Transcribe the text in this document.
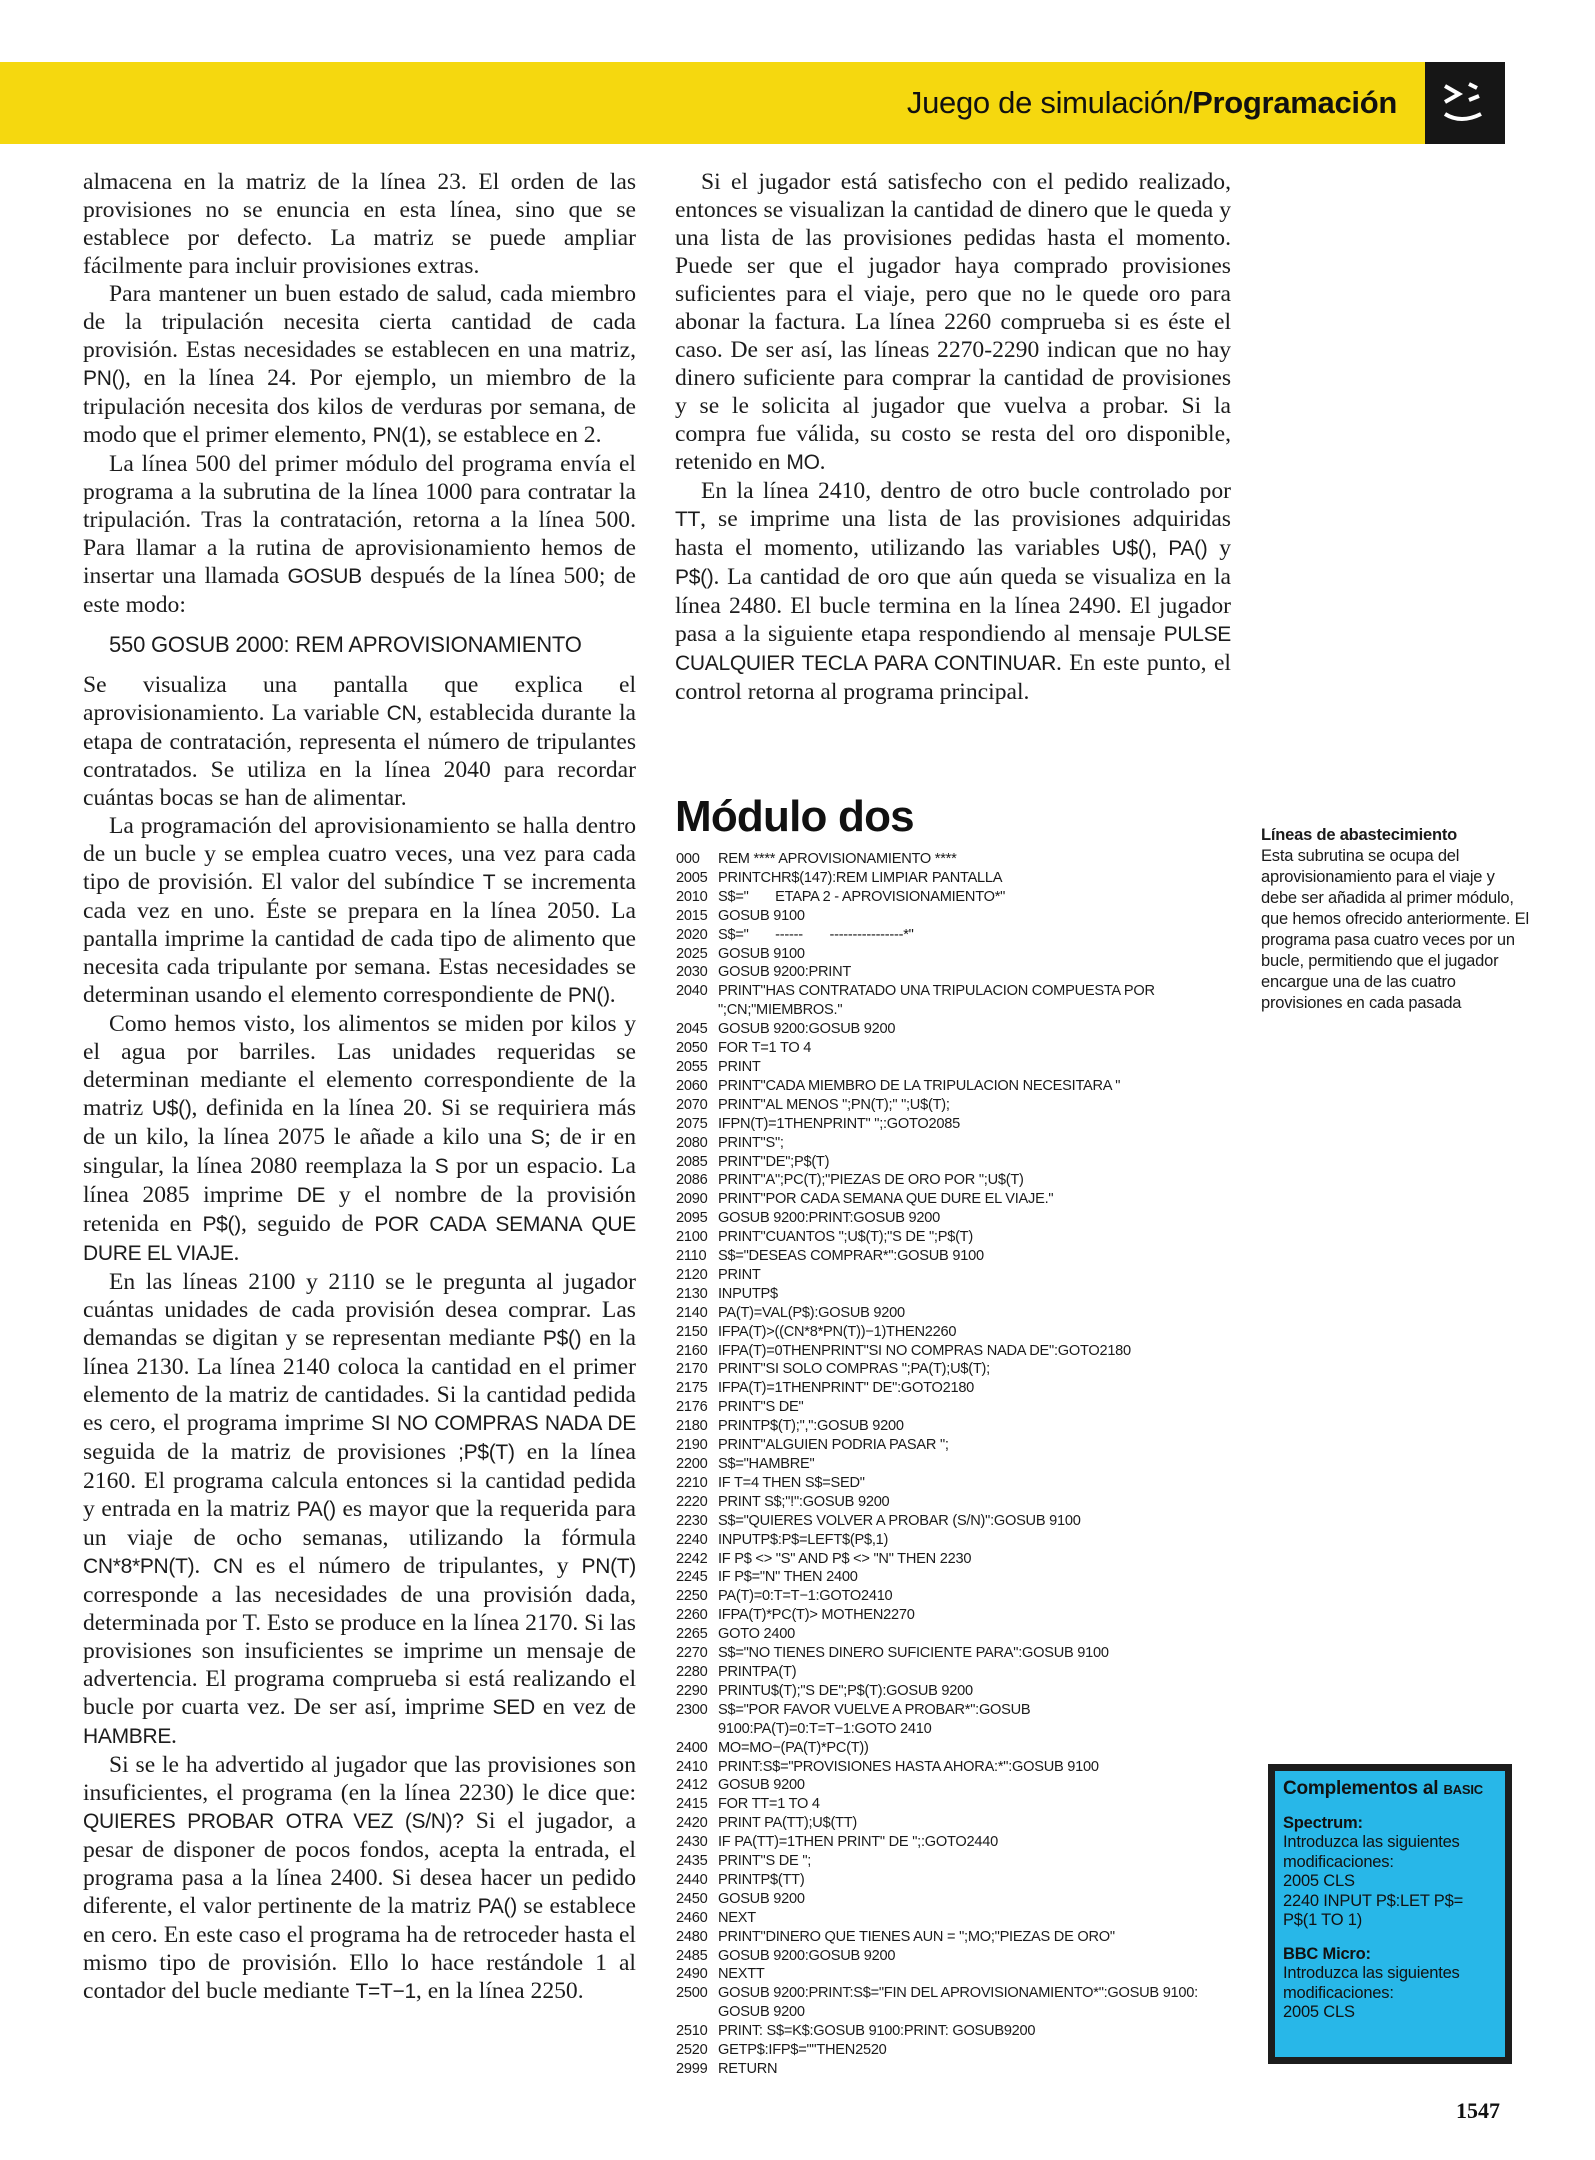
Juego de simulación/Programación

almacena en la matriz de la línea 23. El orden de las provisiones no se enuncia en esta línea, sino que se establece por defecto. La matriz se puede ampliar fácilmente para incluir provisiones extras.

Para mantener un buen estado de salud, cada miembro de la tripulación necesita cierta cantidad de cada provisión. Estas necesidades se establecen en una matriz, PN(), en la línea 24. Por ejemplo, un miembro de la tripulación necesita dos kilos de verduras por semana, de modo que el primer elemento, PN(1), se establece en 2.

La línea 500 del primer módulo del programa envía el programa a la subrutina de la línea 1000 para contratar la tripulación. Tras la contratación, retorna a la línea 500. Para llamar a la rutina de aprovisionamiento hemos de insertar una llamada GOSUB después de la línea 500; de este modo:

550 GOSUB 2000: REM APROVISIONAMIENTO

Se visualiza una pantalla que explica el aprovisionamiento. La variable CN, establecida durante la etapa de contratación, representa el número de tripulantes contratados. Se utiliza en la línea 2040 para recordar cuántas bocas se han de alimentar.

La programación del aprovisionamiento se halla dentro de un bucle y se emplea cuatro veces, una vez para cada tipo de provisión. El valor del subíndice T se incrementa cada vez en uno. Éste se prepara en la línea 2050. La pantalla imprime la cantidad de cada tipo de alimento que necesita cada tripulante por semana. Estas necesidades se determinan usando el elemento correspondiente de PN().

Como hemos visto, los alimentos se miden por kilos y el agua por barriles. Las unidades requeridas se determinan mediante el elemento correspondiente de la matriz U$(), definida en la línea 20. Si se requiriera más de un kilo, la línea 2075 le añade a kilo una S; de ir en singular, la línea 2080 reemplaza la S por un espacio. La línea 2085 imprime DE y el nombre de la provisión retenida en P$(), seguido de POR CADA SEMANA QUE DURE EL VIAJE.

En las líneas 2100 y 2110 se le pregunta al jugador cuántas unidades de cada provisión desea comprar. Las demandas se digitan y se representan mediante P$() en la línea 2130. La línea 2140 coloca la cantidad en el primer elemento de la matriz de cantidades. Si la cantidad pedida es cero, el programa imprime SI NO COMPRAS NADA DE seguida de la matriz de provisiones ;P$(T) en la línea 2160. El programa calcula entonces si la cantidad pedida y entrada en la matriz PA() es mayor que la requerida para un viaje de ocho semanas, utilizando la fórmula CN*8*PN(T). CN es el número de tripulantes, y PN(T) corresponde a las necesidades de una provisión dada, determinada por T. Esto se produce en la línea 2170. Si las provisiones son insuficientes se imprime un mensaje de advertencia. El programa comprueba si está realizando el bucle por cuarta vez. De ser así, imprime SED en vez de HAMBRE.

Si se le ha advertido al jugador que las provisiones son insuficientes, el programa (en la línea 2230) le dice que: QUIERES PROBAR OTRA VEZ (S/N)? Si el jugador, a pesar de disponer de pocos fondos, acepta la entrada, el programa pasa a la línea 2400. Si desea hacer un pedido diferente, el valor pertinente de la matriz PA() se establece en cero. En este caso el programa ha de retroceder hasta el mismo tipo de provisión. Ello lo hace restándole 1 al contador del bucle mediante T=T−1, en la línea 2250.

Si el jugador está satisfecho con el pedido realizado, entonces se visualizan la cantidad de dinero que le queda y una lista de las provisiones pedidas hasta el momento. Puede ser que el jugador haya comprado provisiones suficientes para el viaje, pero que no le quede oro para abonar la factura. La línea 2260 comprueba si es éste el caso. De ser así, las líneas 2270-2290 indican que no hay dinero suficiente para comprar la cantidad de provisiones y se le solicita al jugador que vuelva a probar. Si la compra fue válida, su costo se resta del oro disponible, retenido en MO.

En la línea 2410, dentro de otro bucle controlado por TT, se imprime una lista de las provisiones adquiridas hasta el momento, utilizando las variables U$(), PA() y P$(). La cantidad de oro que aún queda se visualiza en la línea 2480. El bucle termina en la línea 2490. El jugador pasa a la siguiente etapa respondiendo al mensaje PULSE CUALQUIER TECLA PARA CONTINUAR. En este punto, el control retorna al programa principal.

Módulo dos
000	REM **** APROVISIONAMIENTO ****
2005 PRINTCHR$(147):REM LIMPIAR PANTALLA
2010 S$="       ETAPA 2 - APROVISIONAMIENTO*"
2015 GOSUB 9100
2020 S$="       ------       ----------------*"
2025 GOSUB 9100
2030 GOSUB 9200:PRINT
2040 PRINT"HAS CONTRATADO UNA TRIPULACION COMPUESTA POR
";CN;"MIEMBROS."
2045 GOSUB 9200:GOSUB 9200
2050 FOR T=1 TO 4
2055 PRINT
2060 PRINT"CADA MIEMBRO DE LA TRIPULACION NECESITARA "
2070 PRINT"AL MENOS ";PN(T);" ";U$(T);
2075 IFPN(T)=1THENPRINT" ";:GOTO2085
2080 PRINT"S";
2085 PRINT"DE";P$(T)
2086 PRINT"A";PC(T);"PIEZAS DE ORO POR ";U$(T)
2090 PRINT"POR CADA SEMANA QUE DURE EL VIAJE."
2095 GOSUB 9200:PRINT:GOSUB 9200
2100 PRINT"CUANTOS ";U$(T);"S DE ";P$(T)
2110 S$="DESEAS COMPRAR*":GOSUB 9100
2120 PRINT
2130 INPUTP$
2140 PA(T)=VAL(P$):GOSUB 9200
2150 IFPA(T)>((CN*8*PN(T))−1)THEN2260
2160 IFPA(T)=0THENPRINT"SI NO COMPRAS NADA DE":GOTO2180
2170 PRINT"SI SOLO COMPRAS ";PA(T);U$(T);
2175 IFPA(T)=1THENPRINT" DE":GOTO2180
2176 PRINT"S DE"
2180 PRINTP$(T);",":GOSUB 9200
2190 PRINT"ALGUIEN PODRIA PASAR ";
2200 S$="HAMBRE"
2210 IF T=4 THEN S$=SED"
2220 PRINT S$;"!":GOSUB 9200
2230 S$="QUIERES VOLVER A PROBAR (S/N)":GOSUB 9100
2240 INPUTP$:P$=LEFT$(P$,1)
2242 IF P$ <> "S" AND P$ <> "N" THEN 2230
2245 IF P$="N" THEN 2400
2250 PA(T)=0:T=T−1:GOTO2410
2260 IFPA(T)*PC(T)> MOTHEN2270
2265 GOTO 2400
2270 S$="NO TIENES DINERO SUFICIENTE PARA":GOSUB 9100
2280 PRINTPA(T)
2290 PRINTU$(T);"S DE";P$(T):GOSUB 9200
2300 S$="POR FAVOR VUELVE A PROBAR*":GOSUB
9100:PA(T)=0:T=T−1:GOTO 2410
2400 MO=MO−(PA(T)*PC(T))
2410 PRINT:S$="PROVISIONES HASTA AHORA:*":GOSUB 9100
2412 GOSUB 9200
2415 FOR TT=1 TO 4
2420 PRINT PA(TT);U$(TT)
2430 IF PA(TT)=1THEN PRINT" DE ";:GOTO2440
2435 PRINT"S DE ";
2440 PRINTP$(TT)
2450 GOSUB 9200
2460 NEXT
2480 PRINT"DINERO QUE TIENES AUN = ";MO;"PIEZAS DE ORO"
2485 GOSUB 9200:GOSUB 9200
2490 NEXTT
2500 GOSUB 9200:PRINT:S$="FIN DEL APROVISIONAMIENTO*":GOSUB 9100:
GOSUB 9200
2510 PRINT: S$=K$:GOSUB 9100:PRINT: GOSUB9200
2520 GETP$:IFP$=""THEN2520
2999 RETURN
Líneas de abastecimiento
Esta subrutina se ocupa del aprovisionamiento para el viaje y debe ser añadida al primer módulo, que hemos ofrecido anteriormente. El programa pasa cuatro veces por un bucle, permitiendo que el jugador encargue una de las cuatro provisiones en cada pasada
Complementos al BASIC
Spectrum:
Introduzca las siguientes modificaciones:
2005 CLS
2240 INPUT P$:LET P$= P$(1 TO 1)
BBC Micro:
Introduzca las siguientes modificaciones:
2005 CLS
1547
